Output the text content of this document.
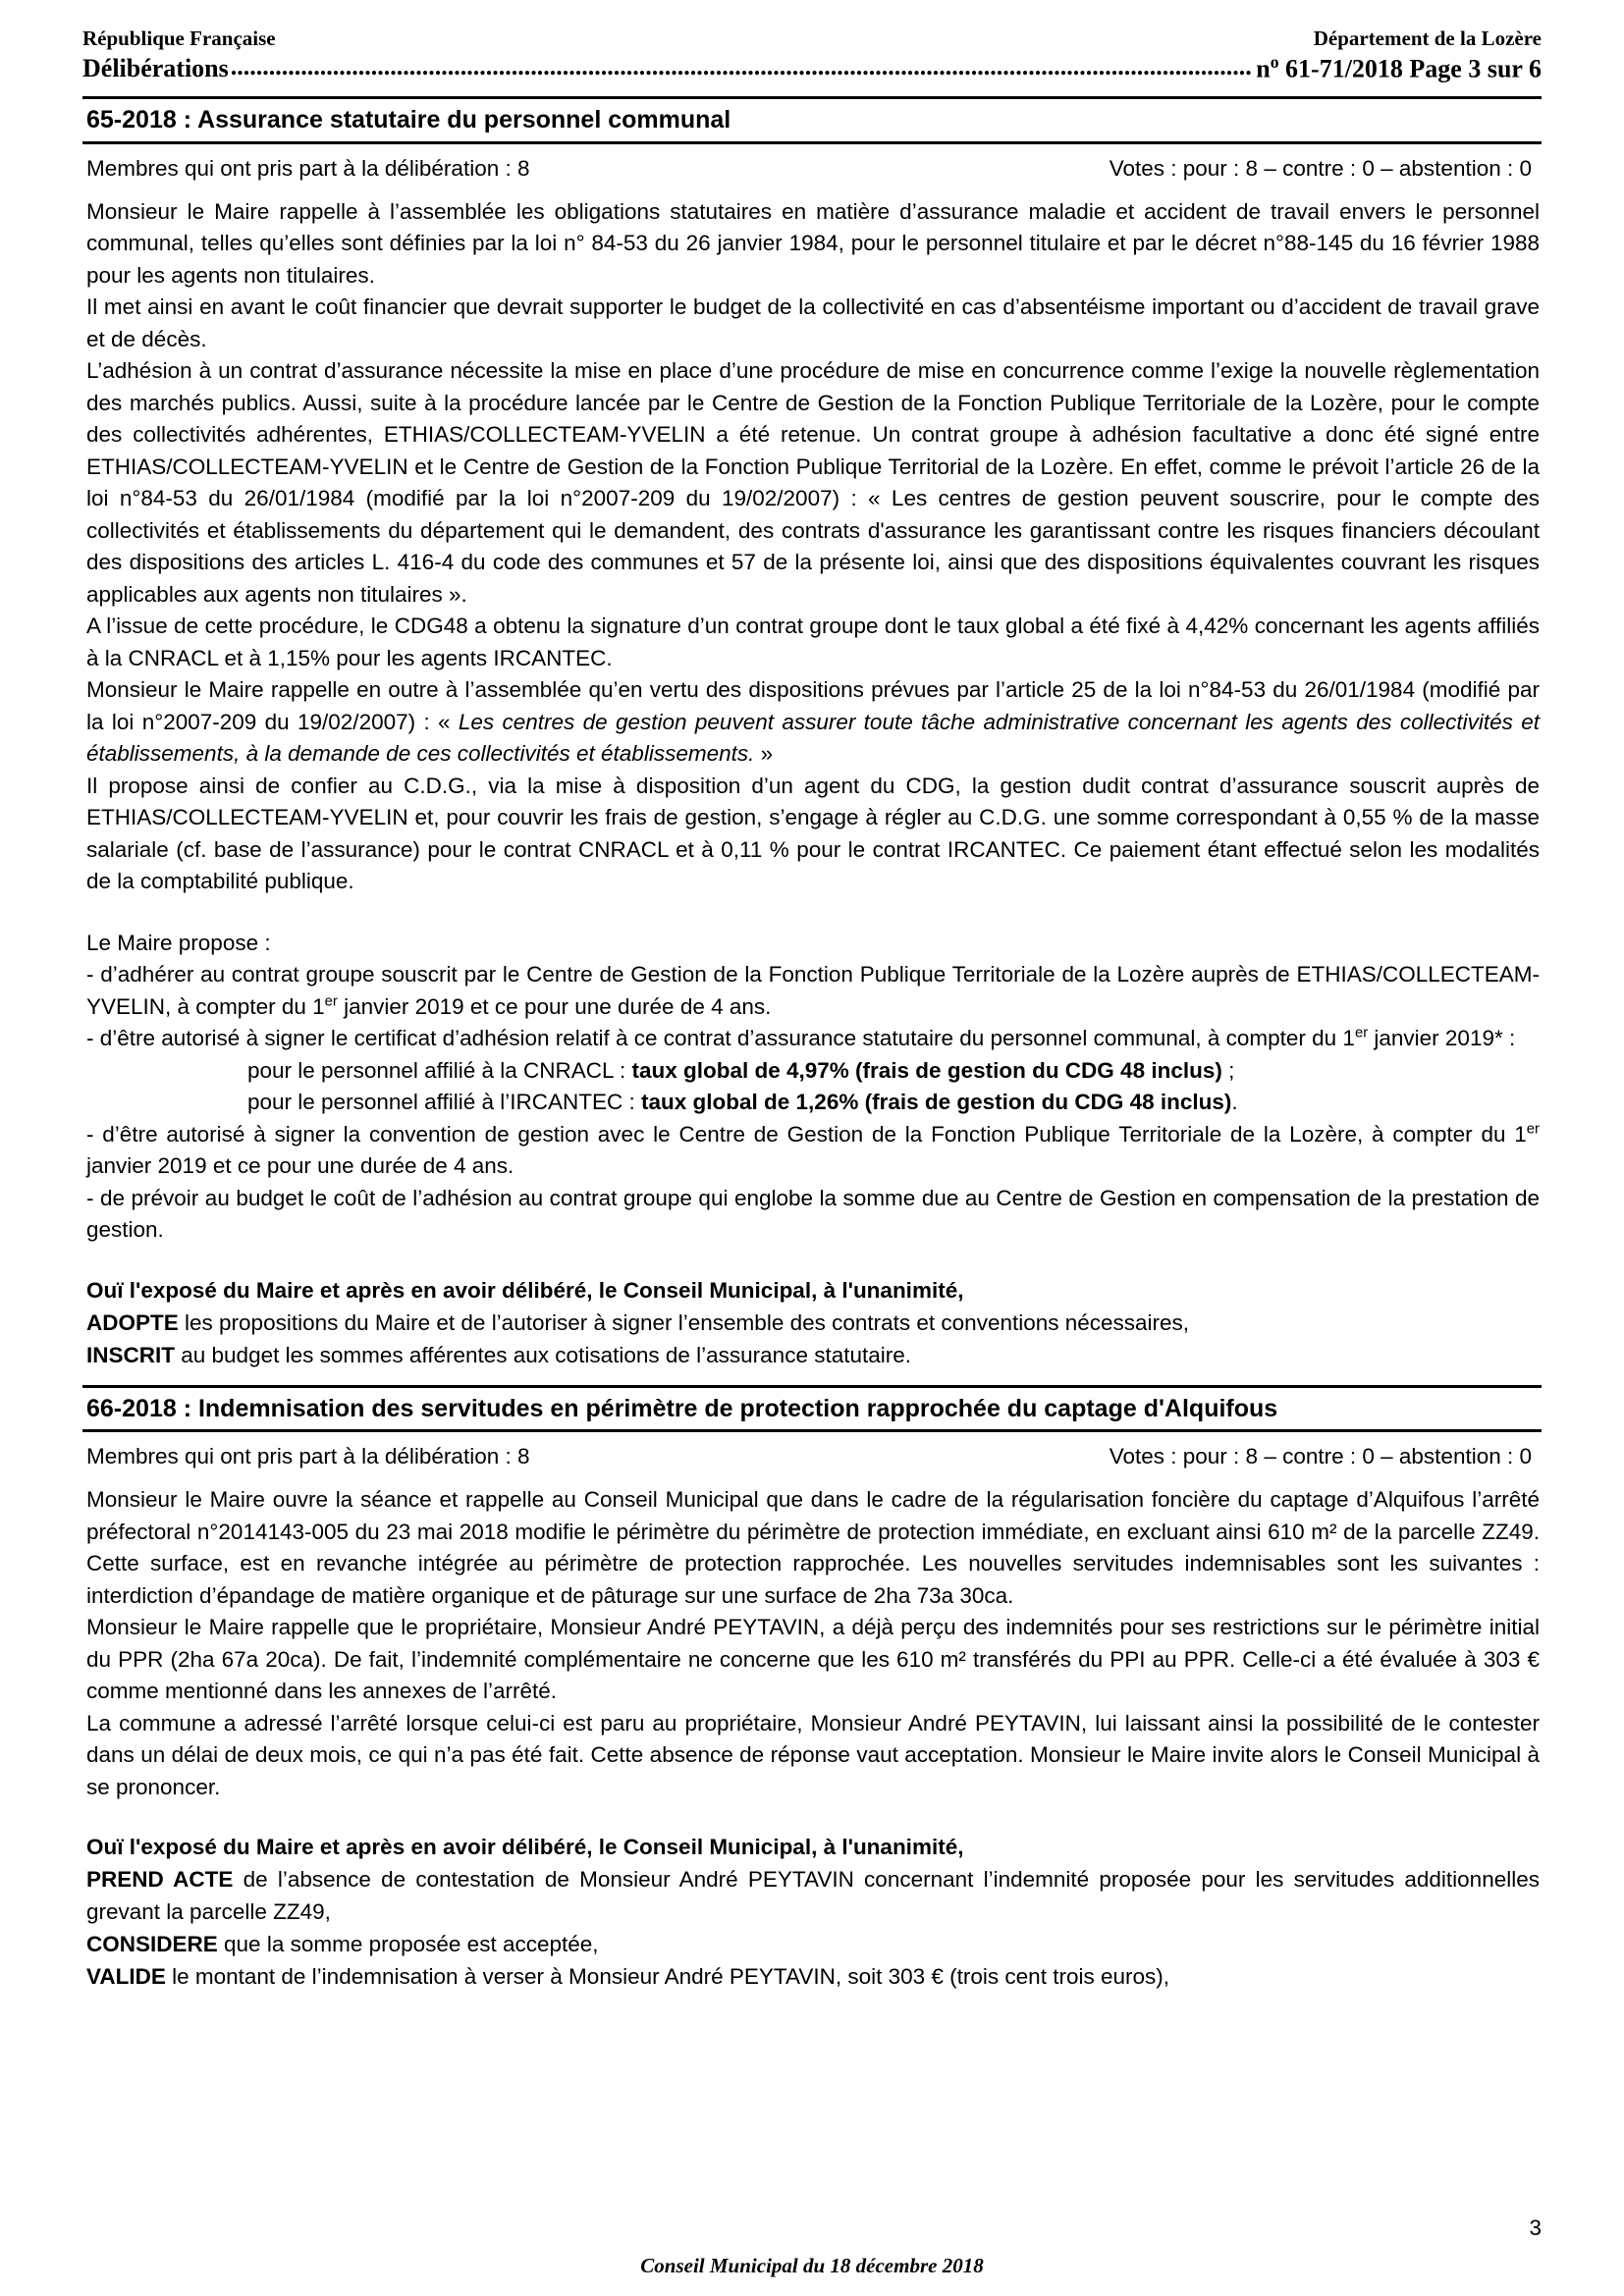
République Française	Département de la Lozère
Délibérations ................................................................................................................................................................ $n^o$ 61-71/2018 Page 3 sur 6
65-2018 : Assurance statutaire du personnel communal
Membres qui ont pris part à la délibération : 8	Votes : pour : 8 – contre : 0 – abstention : 0

Monsieur le Maire rappelle à l’assemblée les obligations statutaires en matière d’assurance maladie et accident de travail envers le personnel communal, telles qu’elles sont définies par la loi n° 84-53 du 26 janvier 1984, pour le personnel titulaire et par le décret n°88-145 du 16 février 1988 pour les agents non titulaires.

Il met ainsi en avant le coût financier que devrait supporter le budget de la collectivité en cas d’absentéisme important ou d’accident de travail grave et de décès.

L’adhésion à un contrat d’assurance nécessite la mise en place d’une procédure de mise en concurrence comme l’exige la nouvelle règlementation des marchés publics. Aussi, suite à la procédure lancée par le Centre de Gestion de la Fonction Publique Territoriale de la Lozère, pour le compte des collectivités adhérentes, ETHIAS/COLLECTEAM-YVELIN a été retenue. Un contrat groupe à adhésion facultative a donc été signé entre ETHIAS/COLLECTEAM-YVELIN et le Centre de Gestion de la Fonction Publique Territorial de la Lozère. En effet, comme le prévoit l’article 26 de la loi n°84-53 du 26/01/1984 (modifié par la loi n°2007-209 du 19/02/2007) : « Les centres de gestion peuvent souscrire, pour le compte des collectivités et établissements du département qui le demandent, des contrats d'assurance les garantissant contre les risques financiers découlant des dispositions des articles L. 416-4 du code des communes et 57 de la présente loi, ainsi que des dispositions équivalentes couvrant les risques applicables aux agents non titulaires ».

A l’issue de cette procédure, le CDG48 a obtenu la signature d’un contrat groupe dont le taux global a été fixé à 4,42% concernant les agents affiliés à la CNRACL et à 1,15% pour les agents IRCANTEC.

Monsieur le Maire rappelle en outre à l’assemblée qu’en vertu des dispositions prévues par l’article 25 de la loi n°84-53 du 26/01/1984 (modifié par la loi n°2007-209 du 19/02/2007) : « Les centres de gestion peuvent assurer toute tâche administrative concernant les agents des collectivités et établissements, à la demande de ces collectivités et établissements. »

Il propose ainsi de confier au C.D.G., via la mise à disposition d’un agent du CDG, la gestion dudit contrat d’assurance souscrit auprès de ETHIAS/COLLECTEAM-YVELIN et, pour couvrir les frais de gestion, s’engage à régler au C.D.G. une somme correspondant à 0,55 % de la masse salariale (cf. base de l’assurance) pour le contrat CNRACL et à 0,11 % pour le contrat IRCANTEC. Ce paiement étant effectué selon les modalités de la comptabilité publique.

Le Maire propose :

- d’adhérer au contrat groupe souscrit par le Centre de Gestion de la Fonction Publique Territoriale de la Lozère auprès de ETHIAS/COLLECTEAM-YVELIN, à compter du 1er janvier 2019 et ce pour une durée de 4 ans.

- d’être autorisé à signer le certificat d’adhésion relatif à ce contrat d’assurance statutaire du personnel communal, à compter du 1er janvier 2019* :

pour le personnel affilié à la CNRACL : taux global de 4,97% (frais de gestion du CDG 48 inclus) ;

pour le personnel affilié à l’IRCANTEC : taux global de 1,26% (frais de gestion du CDG 48 inclus).

- d’être autorisé à signer la convention de gestion avec le Centre de Gestion de la Fonction Publique Territoriale de la Lozère, à compter du 1er janvier 2019 et ce pour une durée de 4 ans.

- de prévoir au budget le coût de l’adhésion au contrat groupe qui englobe la somme due au Centre de Gestion en compensation de la prestation de gestion.

Ouï l'exposé du Maire et après en avoir délibéré, le Conseil Municipal, à l'unanimité,

ADOPTE les propositions du Maire et de l’autoriser à signer l’ensemble des contrats et conventions nécessaires,

INSCRIT au budget les sommes afférentes aux cotisations de l’assurance statutaire.

66-2018 : Indemnisation des servitudes en périmètre de protection rapprochée du captage d'Alquifous
Membres qui ont pris part à la délibération : 8	Votes : pour : 8 – contre : 0 – abstention : 0

Monsieur le Maire ouvre la séance et rappelle au Conseil Municipal que dans le cadre de la régularisation foncière du captage d’Alquifous l’arrêté préfectoral n°2014143-005 du 23 mai 2018 modifie le périmètre du périmètre de protection immédiate, en excluant ainsi 610 m² de la parcelle ZZ49. Cette surface, est en revanche intégrée au périmètre de protection rapprochée. Les nouvelles servitudes indemnisables sont les suivantes : interdiction d’épandage de matière organique et de pâturage sur une surface de 2ha 73a 30ca.

Monsieur le Maire rappelle que le propriétaire, Monsieur André PEYTAVIN, a déjà perçu des indemnités pour ses restrictions sur le périmètre initial du PPR (2ha 67a 20ca). De fait, l’indemnité complémentaire ne concerne que les 610 m² transférés du PPI au PPR. Celle-ci a été évaluée à 303 € comme mentionné dans les annexes de l’arrêté.

La commune a adressé l’arrêté lorsque celui-ci est paru au propriétaire, Monsieur André PEYTAVIN, lui laissant ainsi la possibilité de le contester dans un délai de deux mois, ce qui n’a pas été fait. Cette absence de réponse vaut acceptation. Monsieur le Maire invite alors le Conseil Municipal à se prononcer.

Ouï l'exposé du Maire et après en avoir délibéré, le Conseil Municipal, à l'unanimité,

PREND ACTE de l’absence de contestation de Monsieur André PEYTAVIN concernant l’indemnité proposée pour les servitudes additionnelles grevant la parcelle ZZ49,

CONSIDERE que la somme proposée est acceptée,

VALIDE le montant de l’indemnisation à verser à Monsieur André PEYTAVIN, soit 303 € (trois cent trois euros),

3
Conseil Municipal du 18 décembre 2018
